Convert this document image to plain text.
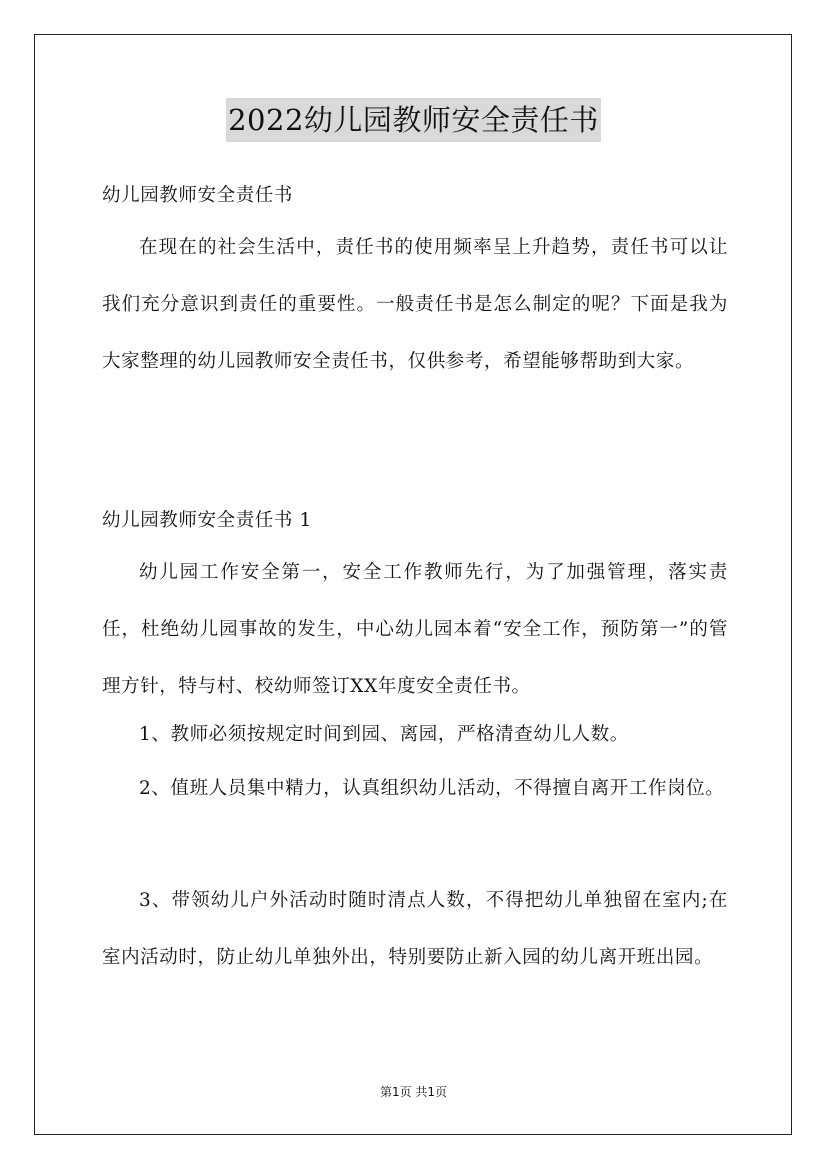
2022幼儿园教师安全责任书
幼儿园教师安全责任书
在现在的社会生活中，责任书的使用频率呈上升趋势，责任书可以让我们充分意识到责任的重要性。一般责任书是怎么制定的呢？下面是我为大家整理的幼儿园教师安全责任书，仅供参考，希望能够帮助到大家。
幼儿园教师安全责任书 1
幼儿园工作安全第一，安全工作教师先行，为了加强管理，落实责任，杜绝幼儿园事故的发生，中心幼儿园本着“安全工作，预防第一”的管理方针，特与村、校幼师签订XX年度安全责任书。
1、教师必须按规定时间到园、离园，严格清查幼儿人数。
2、值班人员集中精力，认真组织幼儿活动，不得擅自离开工作岗位。
3、带领幼儿户外活动时随时清点人数，不得把幼儿单独留在室内;在室内活动时，防止幼儿单独外出，特别要防止新入园的幼儿离开班出园。
第1页 共1页
